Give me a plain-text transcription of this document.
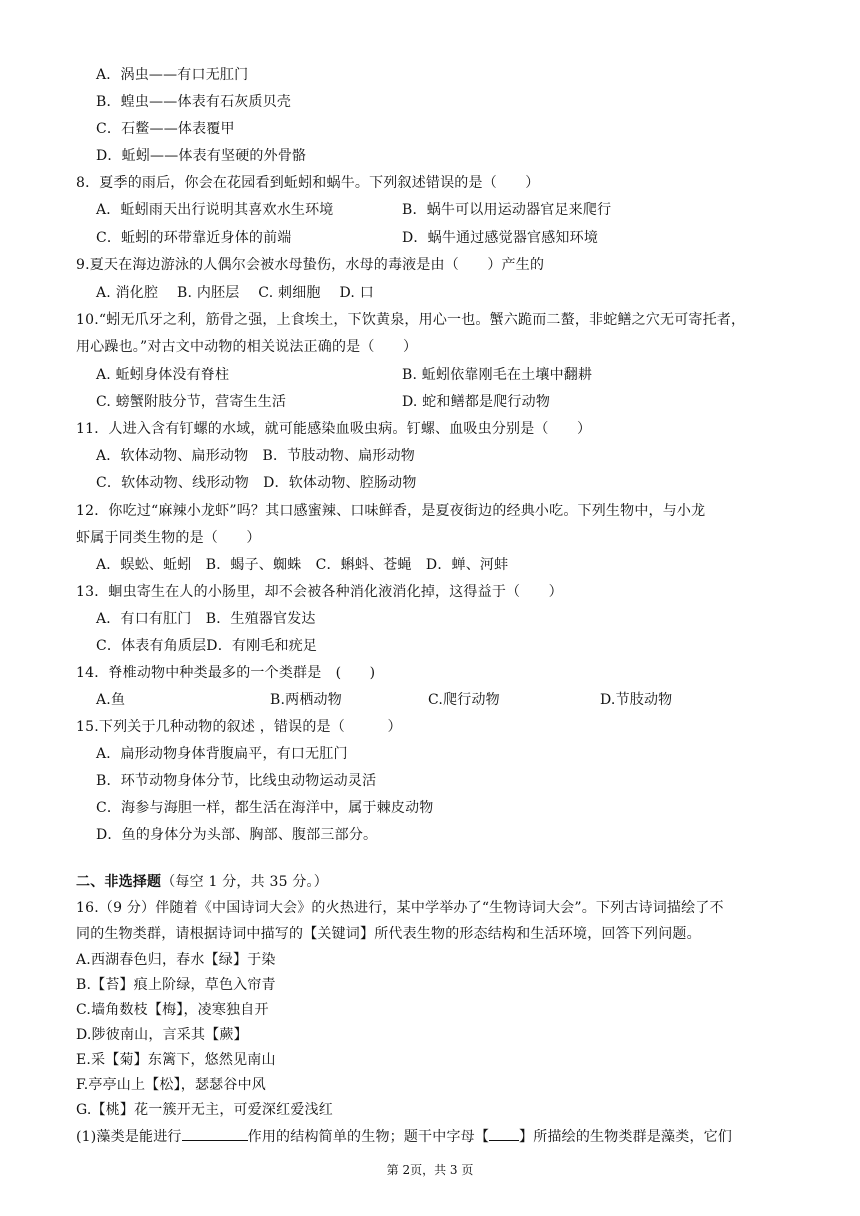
A．涡虫——有口无肛门
B．蝗虫——体表有石灰质贝壳
C．石鳖——体表覆甲
D．蚯蚓——体表有坚硬的外骨骼
8．夏季的雨后，你会在花园看到蚯蚓和蜗牛。下列叙述错误的是（　　）
A．蚯蚓雨天出行说明其喜欢水生环境	B．蜗牛可以用运动器官足来爬行
C．蚯蚓的环带靠近身体的前端	D．蜗牛通过感觉器官感知环境
9.夏天在海边游泳的人偶尔会被水母蛰伤，水母的毒液是由（　　）产生的
A. 消化腔　 B. 内胚层　 C. 刺细胞　 D. 口
10.“蚓无爪牙之利，筋骨之强，上食埃土，下饮黄泉，用心一也。蟹六跪而二螯，非蛇鳝之穴无可寄托者，
用心躁也。”对古文中动物的相关说法正确的是（　　）
A. 蚯蚓身体没有脊柱	B. 蚯蚓依靠刚毛在土壤中翻耕
C. 螃蟹附肢分节，营寄生生活	D. 蛇和鳝都是爬行动物
11．人进入含有钉螺的水域，就可能感染血吸虫病。钉螺、血吸虫分别是（　　）
A．软体动物、扁形动物　B．节肢动物、扁形动物
C．软体动物、线形动物　D．软体动物、腔肠动物
12．你吃过“麻辣小龙虾”吗？其口感蜜辣、口味鲜香，是夏夜街边的经典小吃。下列生物中，与小龙
虾属于同类生物的是（　　）
A．蜈蚣、蚯蚓　B．蝎子、蜘蛛　C．蝌蚪、苍蝇　D．蝉、河蚌
13．蛔虫寄生在人的小肠里，却不会被各种消化液消化掉，这得益于（　　）
A．有口有肛门　B．生殖器官发达
C．体表有角质层D．有刚毛和疣足
14．脊椎动物中种类最多的一个类群是　(　　)
A.鱼	B.两栖动物	C.爬行动物	D.节肢动物
15.下列关于几种动物的叙述 ，错误的是（　　　）
A．扁形动物身体背腹扁平，有口无肛门
B．环节动物身体分节，比线虫动物运动灵活
C．海参与海胆一样，都生活在海洋中，属于棘皮动物
D．鱼的身体分为头部、胸部、腹部三部分。
二、非选择题（每空 1 分，共 35 分。）
16.（9 分）伴随着《中国诗词大会》的火热进行，某中学举办了“生物诗词大会”。下列古诗词描绘了不
同的生物类群，请根据诗词中描写的【关键词】所代表生物的形态结构和生活环境，回答下列问题。
A.西湖春色归，春水【绿】于染
B.【苔】痕上阶绿，草色入帘青
C.墙角数枝【梅】，凌寒独自开
D.陟彼南山，言采其【蕨】
E.采【菊】东篱下，悠然见南山
F.亭亭山上【松】，瑟瑟谷中风
G.【桃】花一簇开无主，可爱深红爱浅红
(1)藻类是能进行	作用的结构简单的生物；题干中字母【 】所描绘的生物类群是藻类，它们
第 2页，共 3 页
